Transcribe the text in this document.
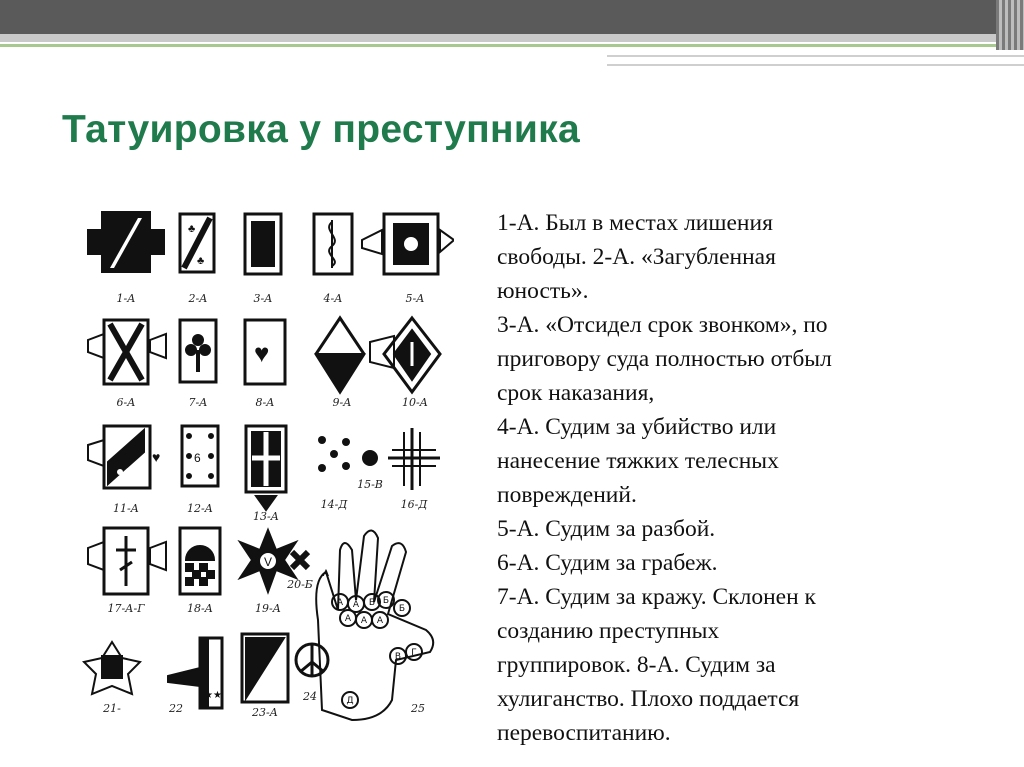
Татуировка у преступника

1-А. Был в местах лишения

свободы. 2-А. «Загубленная

юность».

3-А. «Отсидел срок звонком», по

приговору суда полностью отбыл

срок наказания,

4-А. Судим за убийство или

нанесение тяжких телесных

повреждений.

5-А. Судим за разбой.

6-А. Судим за грабеж.

7-А. Судим за кражу. Склонен к

созданию преступных

группировок. 8-А. Судим за

хулиганство. Плохо поддается

перевоспитанию.

♣
♣
♥
♥	6
V
★★
А А Б Б
Б
А А А
А
В Г
Д
1-А	2-А	3-А	4-А	5-А
6-А	7-А	8-А	9-А	10-А
11-А	12-А
13-А
14-Д
15-В
16-Д
17-А-Г	18-А	19-А
20-Б
21-	22	23-А
24
25
